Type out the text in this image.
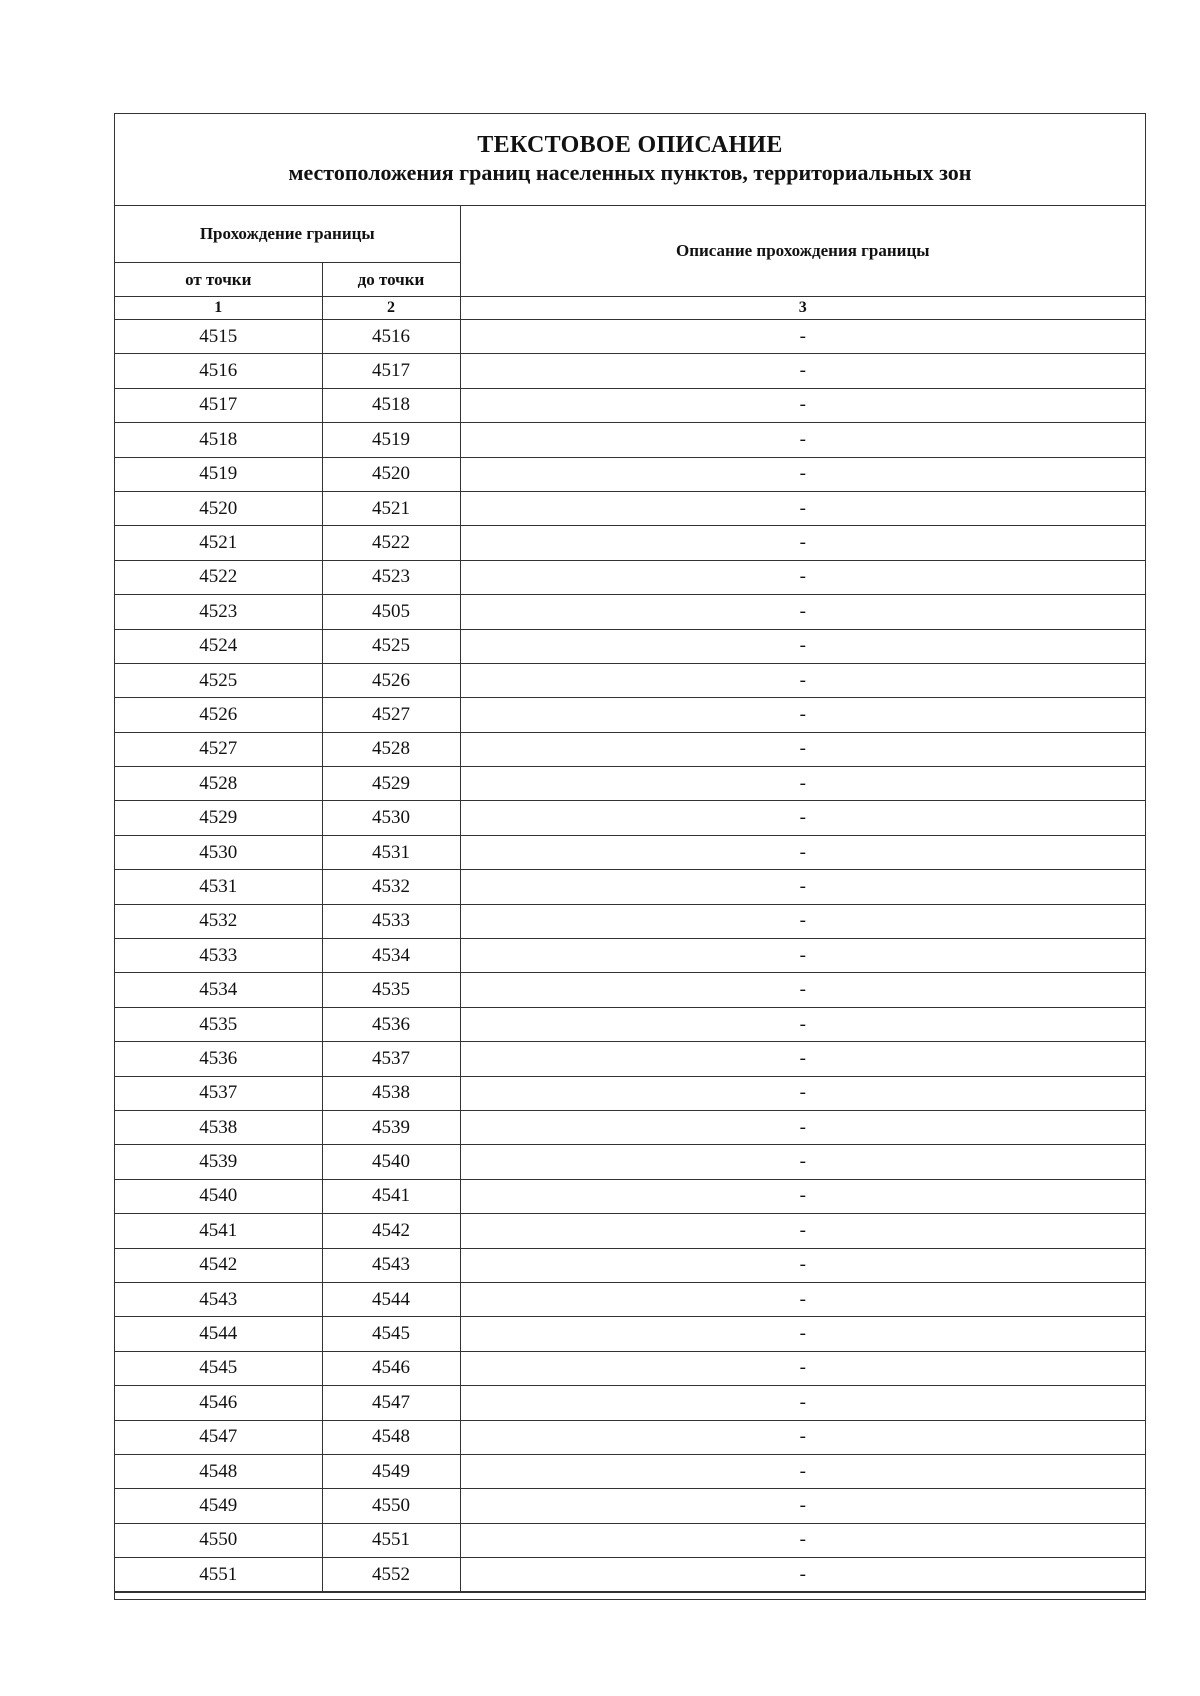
ТЕКСТОВОЕ ОПИСАНИЕ
местоположения границ населенных пунктов, территориальных зон
Прохождение границы		Описание прохождения границы
от точки	до точки	
1	2	3
4515	4516	-
4516	4517	-
4517	4518	-
4518	4519	-
4519	4520	-
4520	4521	-
4521	4522	-
4522	4523	-
4523	4505	-
4524	4525	-
4525	4526	-
4526	4527	-
4527	4528	-
4528	4529	-
4529	4530	-
4530	4531	-
4531	4532	-
4532	4533	-
4533	4534	-
4534	4535	-
4535	4536	-
4536	4537	-
4537	4538	-
4538	4539	-
4539	4540	-
4540	4541	-
4541	4542	-
4542	4543	-
4543	4544	-
4544	4545	-
4545	4546	-
4546	4547	-
4547	4548	-
4548	4549	-
4549	4550	-
4550	4551	-
4551	4552	-
